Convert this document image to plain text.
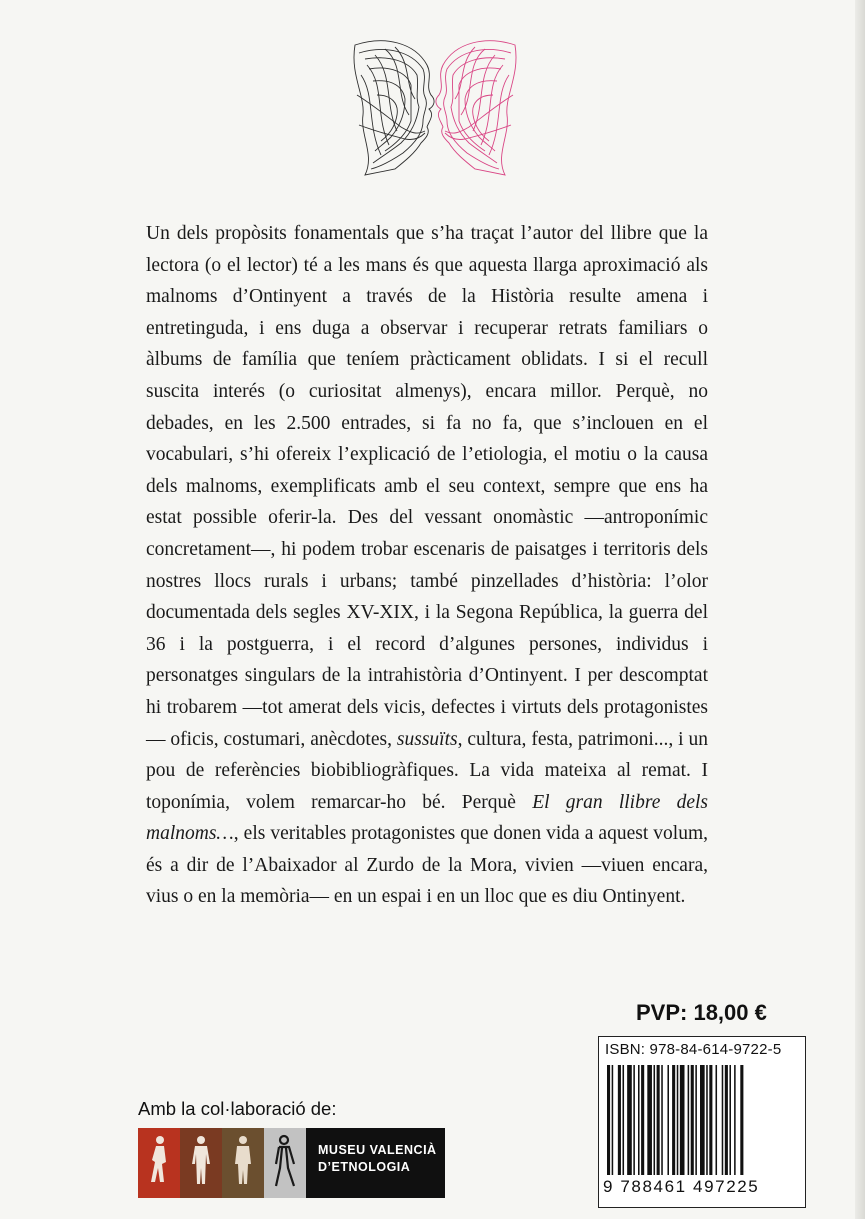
Un dels propòsits fonamentals que s’ha traçat l’autor del llibre que la lectora (o el lector) té a les mans és que aquesta llarga aproximació als malnoms d’Ontinyent a través de la Història resulte amena i entretinguda, i ens duga a observar i recuperar retrats familiars o àlbums de família que teníem pràcticament oblidats. I si el recull suscita interés (o curiositat almenys), encara millor. Perquè, no debades, en les 2.500 entrades, si fa no fa, que s’inclouen en el vocabulari, s’hi ofereix l’explicació de l’etiologia, el motiu o la causa dels malnoms, exemplificats amb el seu context, sempre que ens ha estat possible oferir-la. Des del vessant onomàstic —antroponímic concretament—, hi podem trobar escenaris de paisatges i territoris dels nostres llocs rurals i urbans; també pinzellades d’història: l’olor documentada dels segles XV-XIX, i la Segona República, la guerra del 36 i la postguerra, i el record d’algunes persones, individus i personatges singulars de la intrahistòria d’Ontinyent. I per descomptat hi trobarem —tot amerat dels vicis, defectes i virtuts dels protagonistes— oficis, costumari, anècdotes, sussuïts, cultura, festa, patrimoni..., i un pou de referències biobibliogràfiques. La vida mateixa al remat. I toponímia, volem remarcar-ho bé. Perquè El gran llibre dels malnoms…, els veritables protagonistes que donen vida a aquest volum, és a dir de l’Abaixador al Zurdo de la Mora, vivien —viuen encara, vius o en la memòria— en un espai i en un lloc que es diu Ontinyent.

PVP: 18,00 €
ISBN: 978-84-614-9722-5
9 788461 497225
Amb la col·laboració de:
MUSEU VALENCIÀ
D’ETNOLOGIA
